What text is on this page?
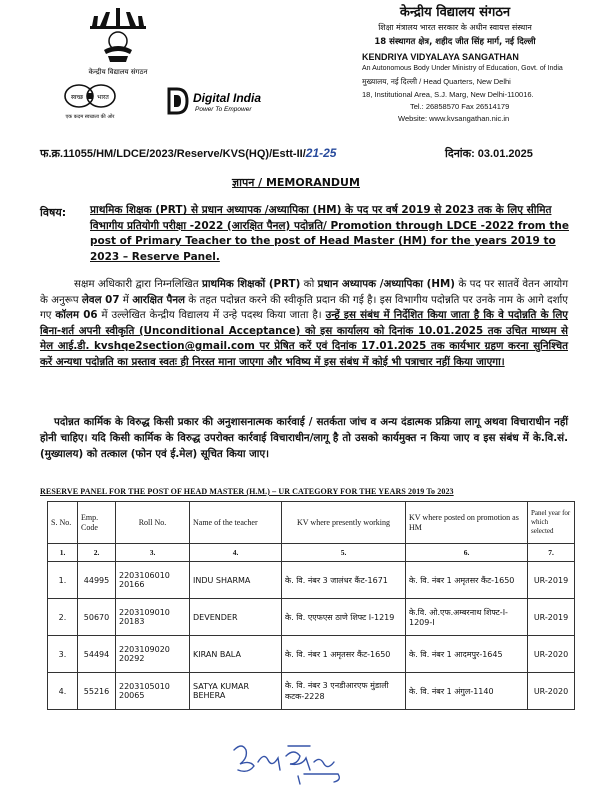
केन्द्रीय विद्यालय संगठन
स्वच्छ भारत
एक कदम स्वच्छता की ओर
Digital India
Power To Empower
केन्द्रीय विद्यालय संगठन
शिक्षा मंत्रालय भारत सरकार के अधीन स्वायत्त संस्थान
18 संस्थागत क्षेत्र, शहीद जीत सिंह मार्ग, नई दिल्ली
KENDRIYA VIDYALAYA SANGATHAN
An Autonomous Body Under Ministry of Education, Govt. of India
मुख्यालय, नई दिल्ली / Head Quarters, New Delhi
18, Institutional Area, S.J. Marg, New Delhi-110016.
Tel.: 26858570 Fax 26514179
Website: www.kvsangathan.nic.in
फ.क्र.11055/HM/LDCE/2023/Reserve/KVS(HQ)/Estt-II/21-25	दिनांक: 03.01.2025
ज्ञापन / MEMORANDUM
विषय: प्राथमिक शिक्षक (PRT) से प्रधान अध्यापक /अध्यापिका (HM) के पद पर वर्ष 2019 से 2023 तक के लिए सीमित विभागीय प्रतियोगी परीक्षा -2022 (आरक्षित पैनल) पदोन्नति/ Promotion through LDCE -2022 from the post of Primary Teacher to the post of Head Master (HM) for the years 2019 to 2023 – Reserve Panel.
सक्षम अधिकारी द्वारा निम्नलिखित प्राथमिक शिक्षकों (PRT) को प्रधान अध्यापक /अध्यापिका (HM) के पद पर सातवें वेतन आयोग के अनुरूप लेवल 07 में आरक्षित पैनल के तहत पदोन्नत करने की स्वीकृति प्रदान की गई है। इस विभागीय पदोन्नति पर उनके नाम के आगे दर्शाए गए कॉलम 06 में उल्लेखित केन्द्रीय विद्यालय में उन्हे पदस्थ किया जाता है। उन्हें इस संबंध में निर्देशित किया जाता है कि वे पदोन्नति के लिए बिना-शर्त अपनी स्वीकृति (Unconditional Acceptance) को इस कार्यालय को दिनांक 10.01.2025 तक उचित माध्यम से मेल आई.डी. kvshqe2section@gmail.com पर प्रेषित करें एवं दिनांक 17.01.2025 तक कार्यभार ग्रहण करना सुनिश्चित करें अन्यथा पदोन्नति का प्रस्ताव स्वतः ही निरस्त माना जाएगा और भविष्य में इस संबंध में कोई भी पत्राचार नहीं किया जाएगा।
पदोन्नत कार्मिक के विरुद्ध किसी प्रकार की अनुशासनात्मक कार्रवाई / सतर्कता जांच व अन्य दंडात्मक प्रक्रिया लागू अथवा विचाराधीन नहीं होनी चाहिए। यदि किसी कार्मिक के विरुद्ध उपरोक्त कार्रवाई विचाराधीन/लागू है तो उसको कार्यमुक्त न किया जाए व इस संबंध में के.वि.सं. (मुख्यालय) को तत्काल (फोन एवं ई.मेल) सूचित किया जाए।
RESERVE PANEL FOR THE POST OF HEAD MASTER (H.M.) – UR CATEGORY FOR THE YEARS 2019 To 2023
S. No.	Emp. Code	Roll No.	Name of the teacher	KV where presently working	KV where posted on promotion as HM	Panel year for which selected
1.	2.	3.	4.	5.	6.	7.
1.	44995	2203106010 20166	INDU SHARMA	के. वि. नंबर 3 जालंधर कैंट-1671	के. वि. नंबर 1 अमृतसर कैंट-1650	UR-2019
2.	50670	2203109010 20183	DEVENDER	के. वि. एएफएस ठाणे शिफ्ट I-1219	के.वि. ओ.एफ.अम्बरनाथ शिफ्ट-I-1209-I	UR-2019
3.	54494	2203109020 20292	KIRAN BALA	के. वि. नंबर 1 अमृतसर कैंट-1650	के. वि. नंबर 1 आदमपुर-1645	UR-2020
4.	55216	2203105010 20065	SATYA KUMAR BEHERA	के. वि. नंबर 3 एनडीआरएफ मुंडाली कटक-2228	के. वि. नंबर 1 अंगुल-1140	UR-2020
